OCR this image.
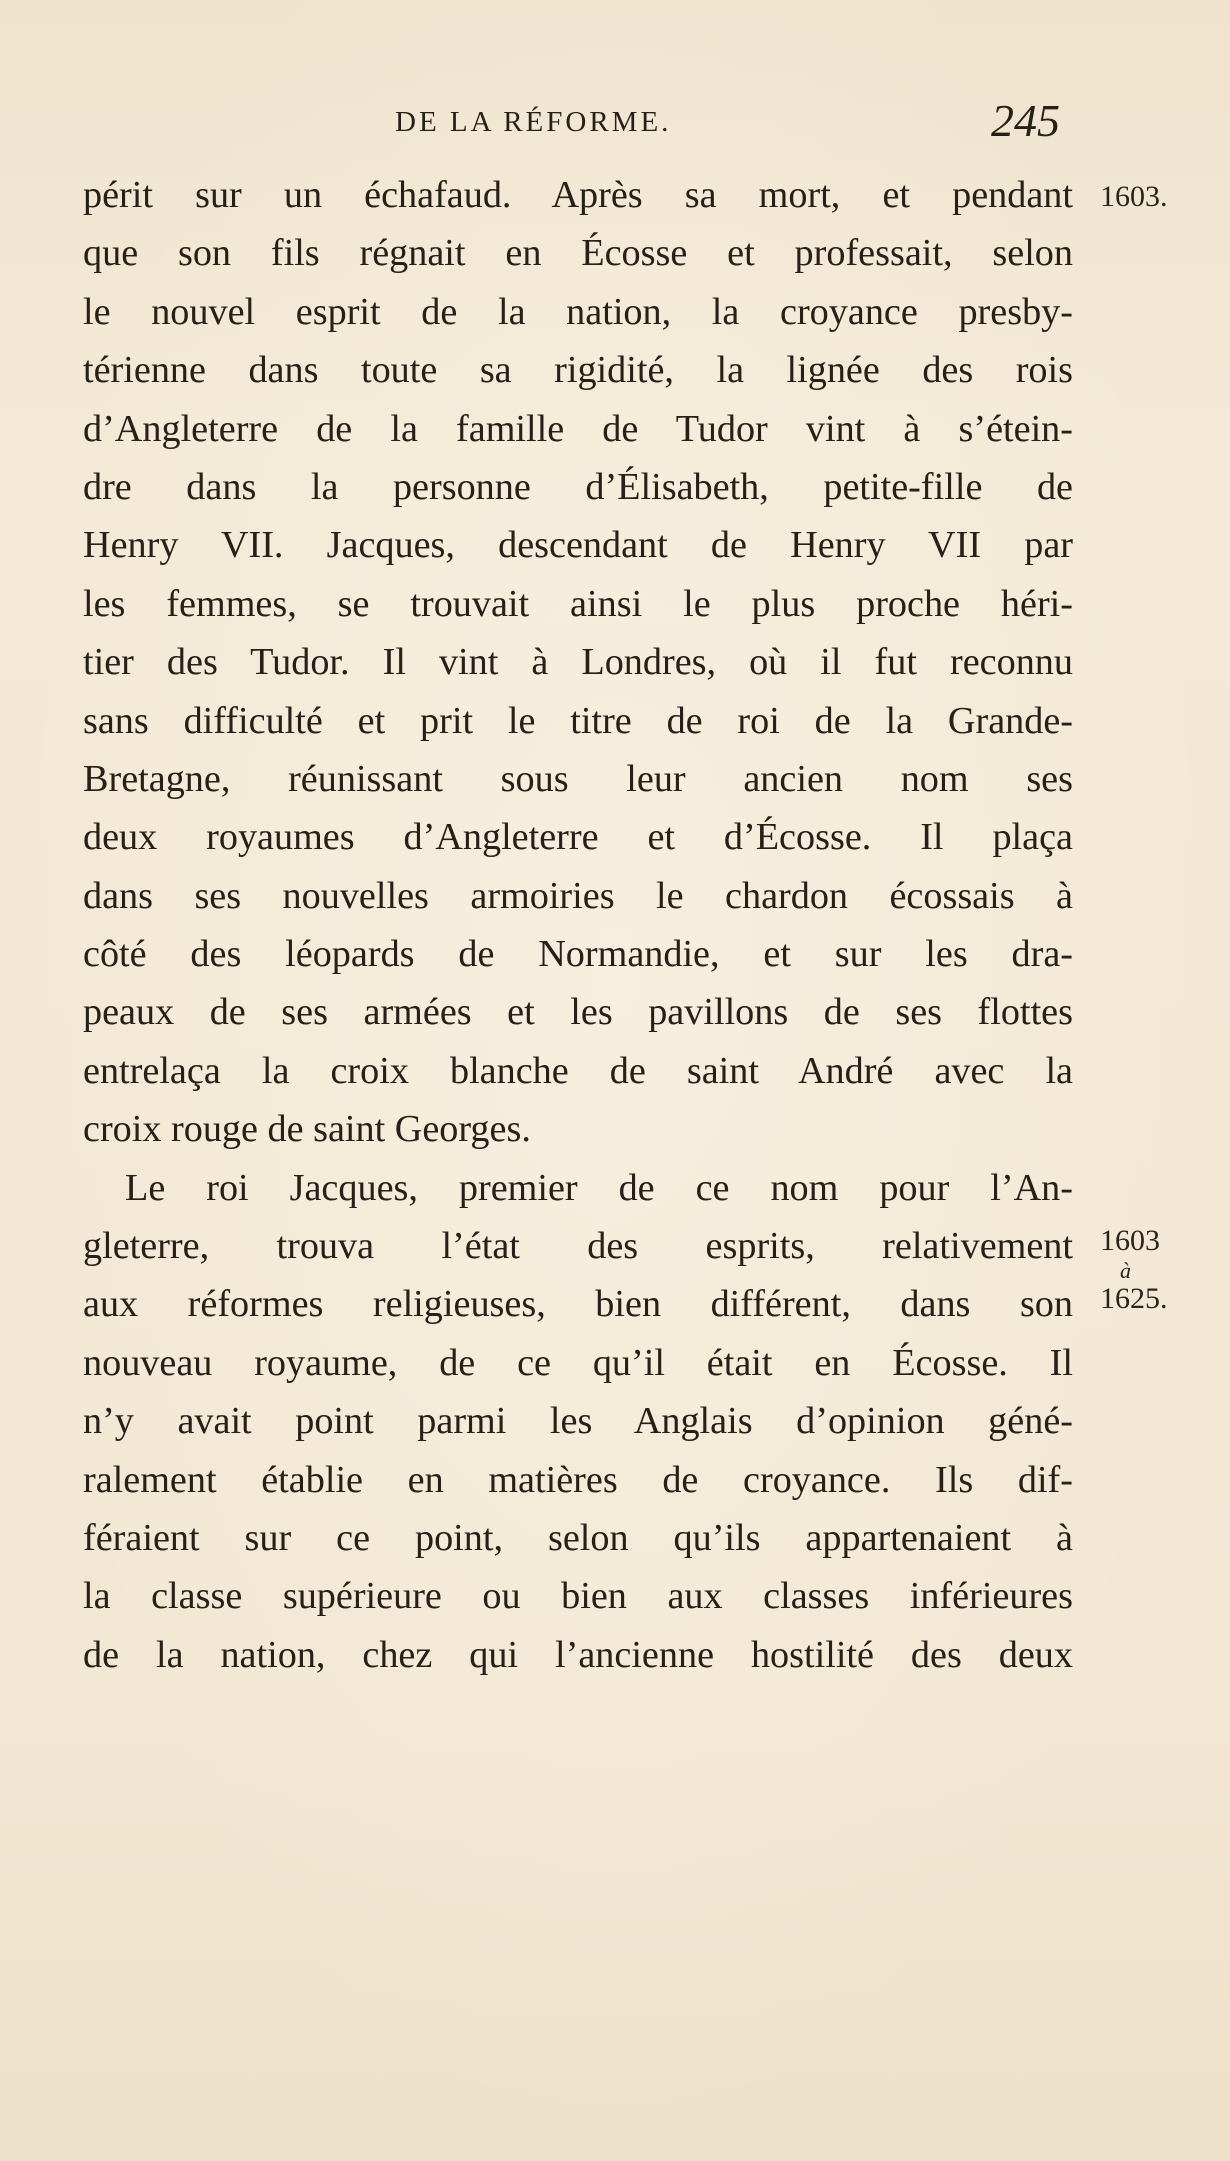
DE LA RÉFORME.	245
périt sur un échafaud. Après sa mort, et pendant
que son fils régnait en Écosse et professait, selon
le nouvel esprit de la nation, la croyance presby-
térienne dans toute sa rigidité, la lignée des rois
d’Angleterre de la famille de Tudor vint à s’étein-
dre dans la personne d’Élisabeth, petite-fille de
Henry VII. Jacques, descendant de Henry VII par
les femmes, se trouvait ainsi le plus proche héri-
tier des Tudor. Il vint à Londres, où il fut reconnu
sans difficulté et prit le titre de roi de la Grande-
Bretagne, réunissant sous leur ancien nom ses
deux royaumes d’Angleterre et d’Écosse. Il plaça
dans ses nouvelles armoiries le chardon écossais à
côté des léopards de Normandie, et sur les dra-
peaux de ses armées et les pavillons de ses flottes
entrelaça la croix blanche de saint André avec la
croix rouge de saint Georges.
Le roi Jacques, premier de ce nom pour l’An-
gleterre, trouva l’état des esprits, relativement
aux réformes religieuses, bien différent, dans son
nouveau royaume, de ce qu’il était en Écosse. Il
n’y avait point parmi les Anglais d’opinion géné-
ralement établie en matières de croyance. Ils dif-
féraient sur ce point, selon qu’ils appartenaient à
la classe supérieure ou bien aux classes inférieures
de la nation, chez qui l’ancienne hostilité des deux
1603.
1603
à
1625.
